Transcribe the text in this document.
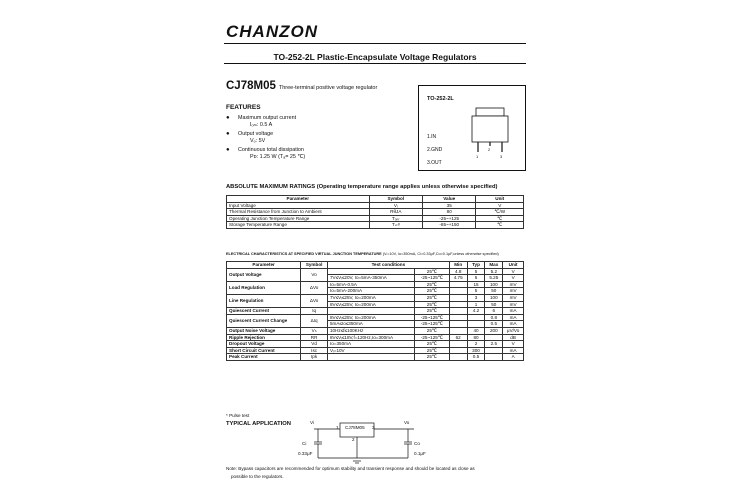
CHANZON
TO-252-2L Plastic-Encapsulate Voltage Regulators
CJ78M05 Three-terminal positive voltage regulator
FEATURES
●	Maximum output current
Iₒₘ: 0.5 A
●	Output voltage
Vₒ: 5V
●	Continuous total dissipation
Pᴅ: 1.25 W (Tₐ= 25 ℃)
TO-252-2L
1.IN
2.GND
3.OUT
1
2
3
ABSOLUTE MAXIMUM RATINGS (Operating temperature range applies unless otherwise specified)
Parameter	Symbol	Value	Unit
Input Voltage	Vᵢ	35	V
Thermal Resistance from Junction to Ambient	RθJA	80	℃/W
Operating Junction Temperature Range	Tₒₚᵣ	-25~+125	℃
Storage Temperature Range	Tₛₜᵍ	-65~+150	℃
ELECTRICAL CHARACTERISTICS AT SPECIFIED VIRTUAL JUNCTION TEMPERATURE (Vᵢ=10V, Io=350mA, Ci=0.33μF,Co=0.1μF,unless otherwise specified)
Parameter	Symbol	Test conditions		Min	Typ	Max	Unit
Output Voltage	Vo		25℃	4.8	5	5.2	V
		7V≤Vᵢ≤20V, Io=5mA-350mA	-25~125℃	4.75	5	5.25	V
Load Regulation	ΔVo	Io=5mA-0.5A	25℃		15	100	mV
		Io=5mA-200mA	25℃		5	50	mV
Line Regulation	ΔVo	7V≤Vᵢ≤25V, Io=200mA	25℃		3	100	mV
		8V≤Vᵢ≤25V, Io=200mA	25℃		1	50	mV
Quiescent Current	Iq		25℃		4.2	6	mA
Quiescent Current Change	ΔIq	8V≤Vᵢ≤25V, Io=200mA	-25~125℃			0.8	mA
		5mA≤Io≤350mA	-25~125℃			0.5	mA
Output Noise Voltage	Vₙ	10Hz≤f≤100KHz	25℃		40	200	μV/Vo
Ripple Rejection	RR	8V≤Vᵢ≤18V,f=120Hz,Io=300mA	-25~125℃	62	80		dB
Dropout Voltage	Vd	Io=350mA	25℃		2	2.5	V
Short Circuit Current	Isc	Vᵢ=10V	25℃		300		mA
Peak Current	Ipk		25℃		0.5		A
* Pulse test
TYPICAL APPLICATION	Vi	Vo
CJ78M05
1	3
2
Ci
0.33μF
Co
0.1μF
Note: Bypass capacitors are recommended for optimum stability and transient response and should be located as close as
possible to the regulators.
